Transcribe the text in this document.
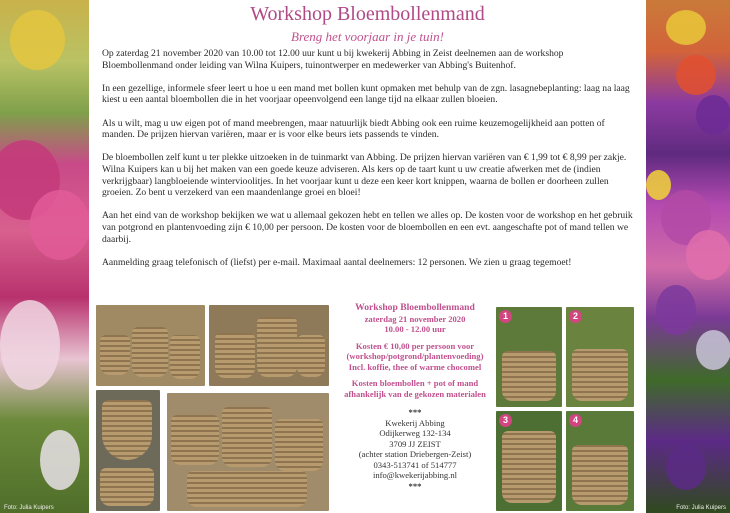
Foto: Julia Kuipers	Foto: Julia Kuipers
Workshop Bloembollenmand
Breng het voorjaar in je tuin!

Op zaterdag 21 november 2020 van 10.00 tot 12.00 uur kunt u bij kwekerij Abbing in Zeist deelnemen aan de workshop Bloembollenmand onder leiding van Wilna Kuipers, tuinontwerper en medewerker van Abbing's Buitenhof.

In een gezellige, informele sfeer leert u hoe u een mand met bollen kunt opmaken met behulp van de zgn. lasagnebeplanting: laag na laag kiest u een aantal bloembollen die in het voorjaar opeenvolgend een lange tijd na elkaar zullen bloeien.

Als u wilt, mag u uw eigen pot of mand meebrengen, maar natuurlijk biedt Abbing ook een ruime keuzemogelijkheid aan potten of manden. De prijzen hiervan variëren, maar er is voor elke beurs iets passends te vinden.

De bloembollen zelf kunt u ter plekke uitzoeken in de tuinmarkt van Abbing. De prijzen hiervan variëren van € 1,99 tot € 8,99 per zakje. Wilna Kuipers kan u bij het maken van een goede keuze adviseren. Als kers op de taart kunt u uw creatie afwerken met de (indien verkrijgbaar) langbloeiende wintervioolitjes. In het voorjaar kunt u deze een keer kort knippen, waarna de bollen er doorheen zullen groeien. Zo bent u verzekerd van een maandenlange groei en bloei!

Aan het eind van de workshop bekijken we wat u allemaal gekozen hebt en tellen we alles op. De kosten voor de workshop en het gebruik van potgrond en plantenvoeding zijn € 10,00 per persoon. De kosten voor de bloembollen en een evt. aangeschafte pot of mand tellen we daarbij.

Aanmelding graag telefonisch of (liefst) per e-mail. Maximaal aantal deelnemers: 12 personen. We zien u graag tegemoet!

Workshop Bloembollenmand
zaterdag 21 november 2020
10.00 - 12.00 uur
Kosten € 10,00 per persoon voor
(workshop/potgrond/plantenvoeding)
Incl. koffie, thee of warme chocomel
Kosten bloembollen + pot of mand
afhankelijk van de gekozen materialen
***
Kwekerij Abbing
Odijkerweg 132-134
3709 JJ ZEIST
(achter station Driebergen-Zeist)
0343-513741 of 514777
info@kwekerijabbing.nl
***
1	2
3	4
